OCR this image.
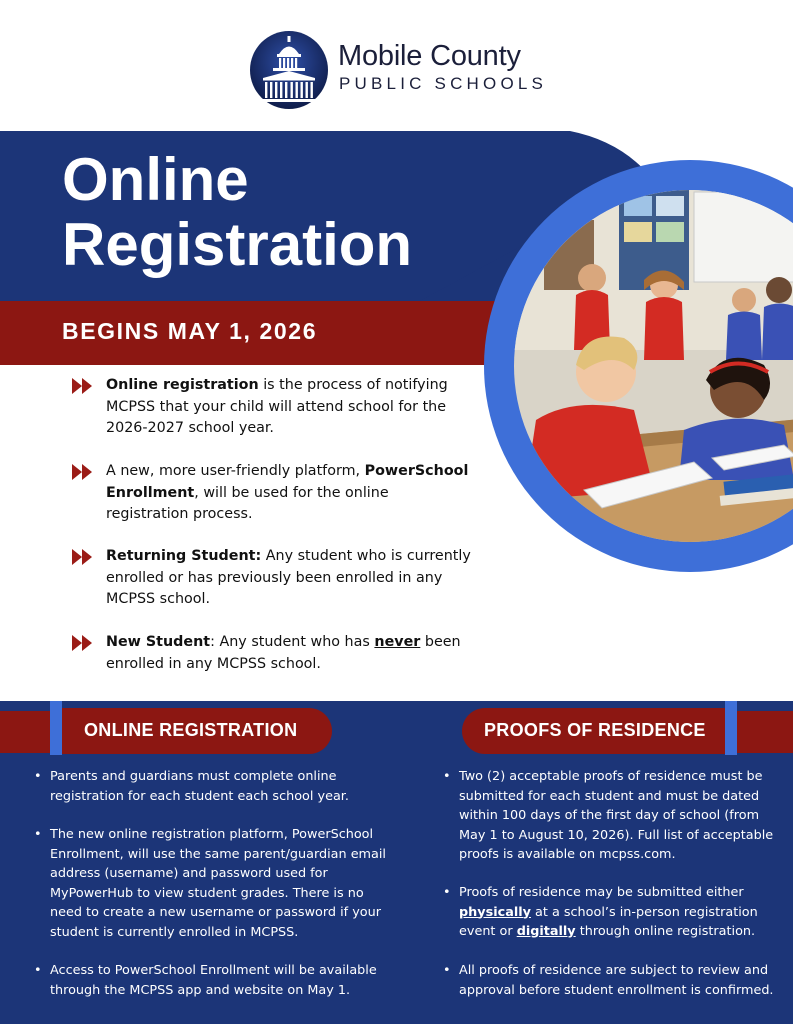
Mobile County
PUBLIC SCHOOLS
Online
Registration
BEGINS MAY 1, 2026
Online registration is the process of notifying MCPSS that your child will attend school for the 2026-2027 school year.
A new, more user-friendly platform, PowerSchool Enrollment, will be used for the online registration process.
Returning Student: Any student who is currently enrolled or has previously been enrolled in any MCPSS school.
New Student: Any student who has never been enrolled in any MCPSS school.
ONLINE REGISTRATION	PROOFS OF RESIDENCE
• Parents and guardians must complete online registration for each student each school year.
• The new online registration platform, PowerSchool Enrollment, will use the same parent/guardian email address (username) and password used for MyPowerHub to view student grades. There is no need to create a new username or password if your student is currently enrolled in MCPSS.
• Access to PowerSchool Enrollment will be available through the MCPSS app and website on May 1.
• Two (2) acceptable proofs of residence must be submitted for each student and must be dated within 100 days of the first day of school (from May 1 to August 10, 2026). Full list of acceptable proofs is available on mcpss.com.
• Proofs of residence may be submitted either physically at a school’s in-person registration event or digitally through online registration.
• All proofs of residence are subject to review and approval before student enrollment is confirmed.
